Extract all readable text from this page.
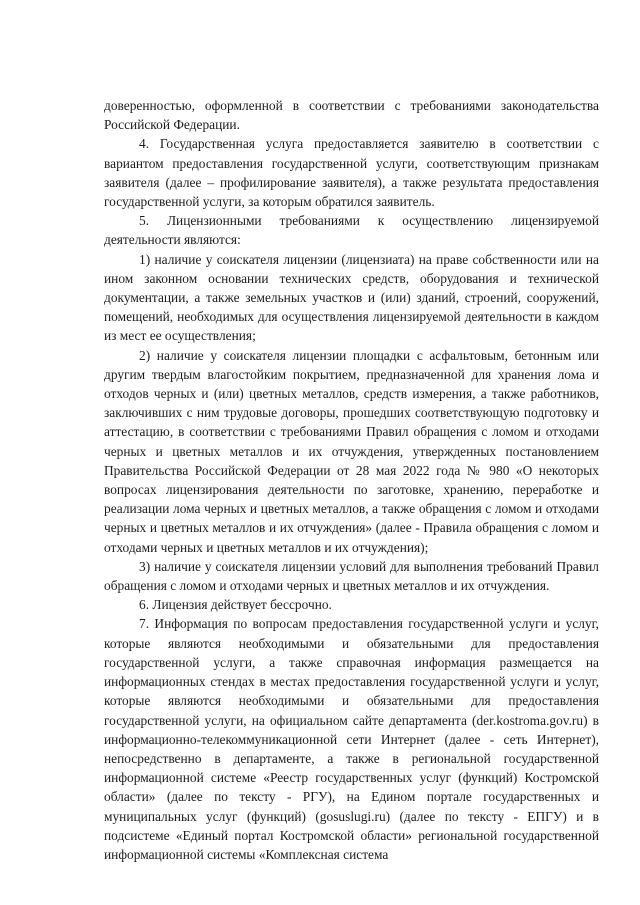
доверенностью, оформленной в соответствии с требованиями законодательства Российской Федерации.

4. Государственная услуга предоставляется заявителю в соответствии с вариантом предоставления государственной услуги, соответствующим признакам заявителя (далее – профилирование заявителя), а также результата предоставления государственной услуги, за которым обратился заявитель.

5. Лицензионными требованиями к осуществлению лицензируемой деятельности являются:

1) наличие у соискателя лицензии (лицензиата) на праве собственности или на ином законном основании технических средств, оборудования и технической документации, а также земельных участков и (или) зданий, строений, сооружений, помещений, необходимых для осуществления лицензируемой деятельности в каждом из мест ее осуществления;

2) наличие у соискателя лицензии площадки с асфальтовым, бетонным или другим твердым влагостойким покрытием, предназначенной для хранения лома и отходов черных и (или) цветных металлов, средств измерения, а также работников, заключивших с ним трудовые договоры, прошедших соответствующую подготовку и аттестацию, в соответствии с требованиями Правил обращения с ломом и отходами черных и цветных металлов и их отчуждения, утвержденных постановлением Правительства Российской Федерации от 28 мая 2022 года № 980 «О некоторых вопросах лицензирования деятельности по заготовке, хранению, переработке и реализации лома черных и цветных металлов, а также обращения с ломом и отходами черных и цветных металлов и их отчуждения» (далее - Правила обращения с ломом и отходами черных и цветных металлов и их отчуждения);

3) наличие у соискателя лицензии условий для выполнения требований Правил обращения с ломом и отходами черных и цветных металлов и их отчуждения.

6. Лицензия действует бессрочно.

7. Информация по вопросам предоставления государственной услуги и услуг, которые являются необходимыми и обязательными для предоставления государственной услуги, а также справочная информация размещается на информационных стендах в местах предоставления государственной услуги и услуг, которые являются необходимыми и обязательными для предоставления государственной услуги, на официальном сайте департамента (der.kostroma.gov.ru) в информационно-телекоммуникационной сети Интернет (далее - сеть Интернет), непосредственно в департаменте, а также в региональной государственной информационной системе «Реестр государственных услуг (функций) Костромской области» (далее по тексту - РГУ), на Едином портале государственных и муниципальных услуг (функций) (gosuslugi.ru) (далее по тексту - ЕПГУ) и в подсистеме «Единый портал Костромской области» региональной государственной информационной системы «Комплексная система
